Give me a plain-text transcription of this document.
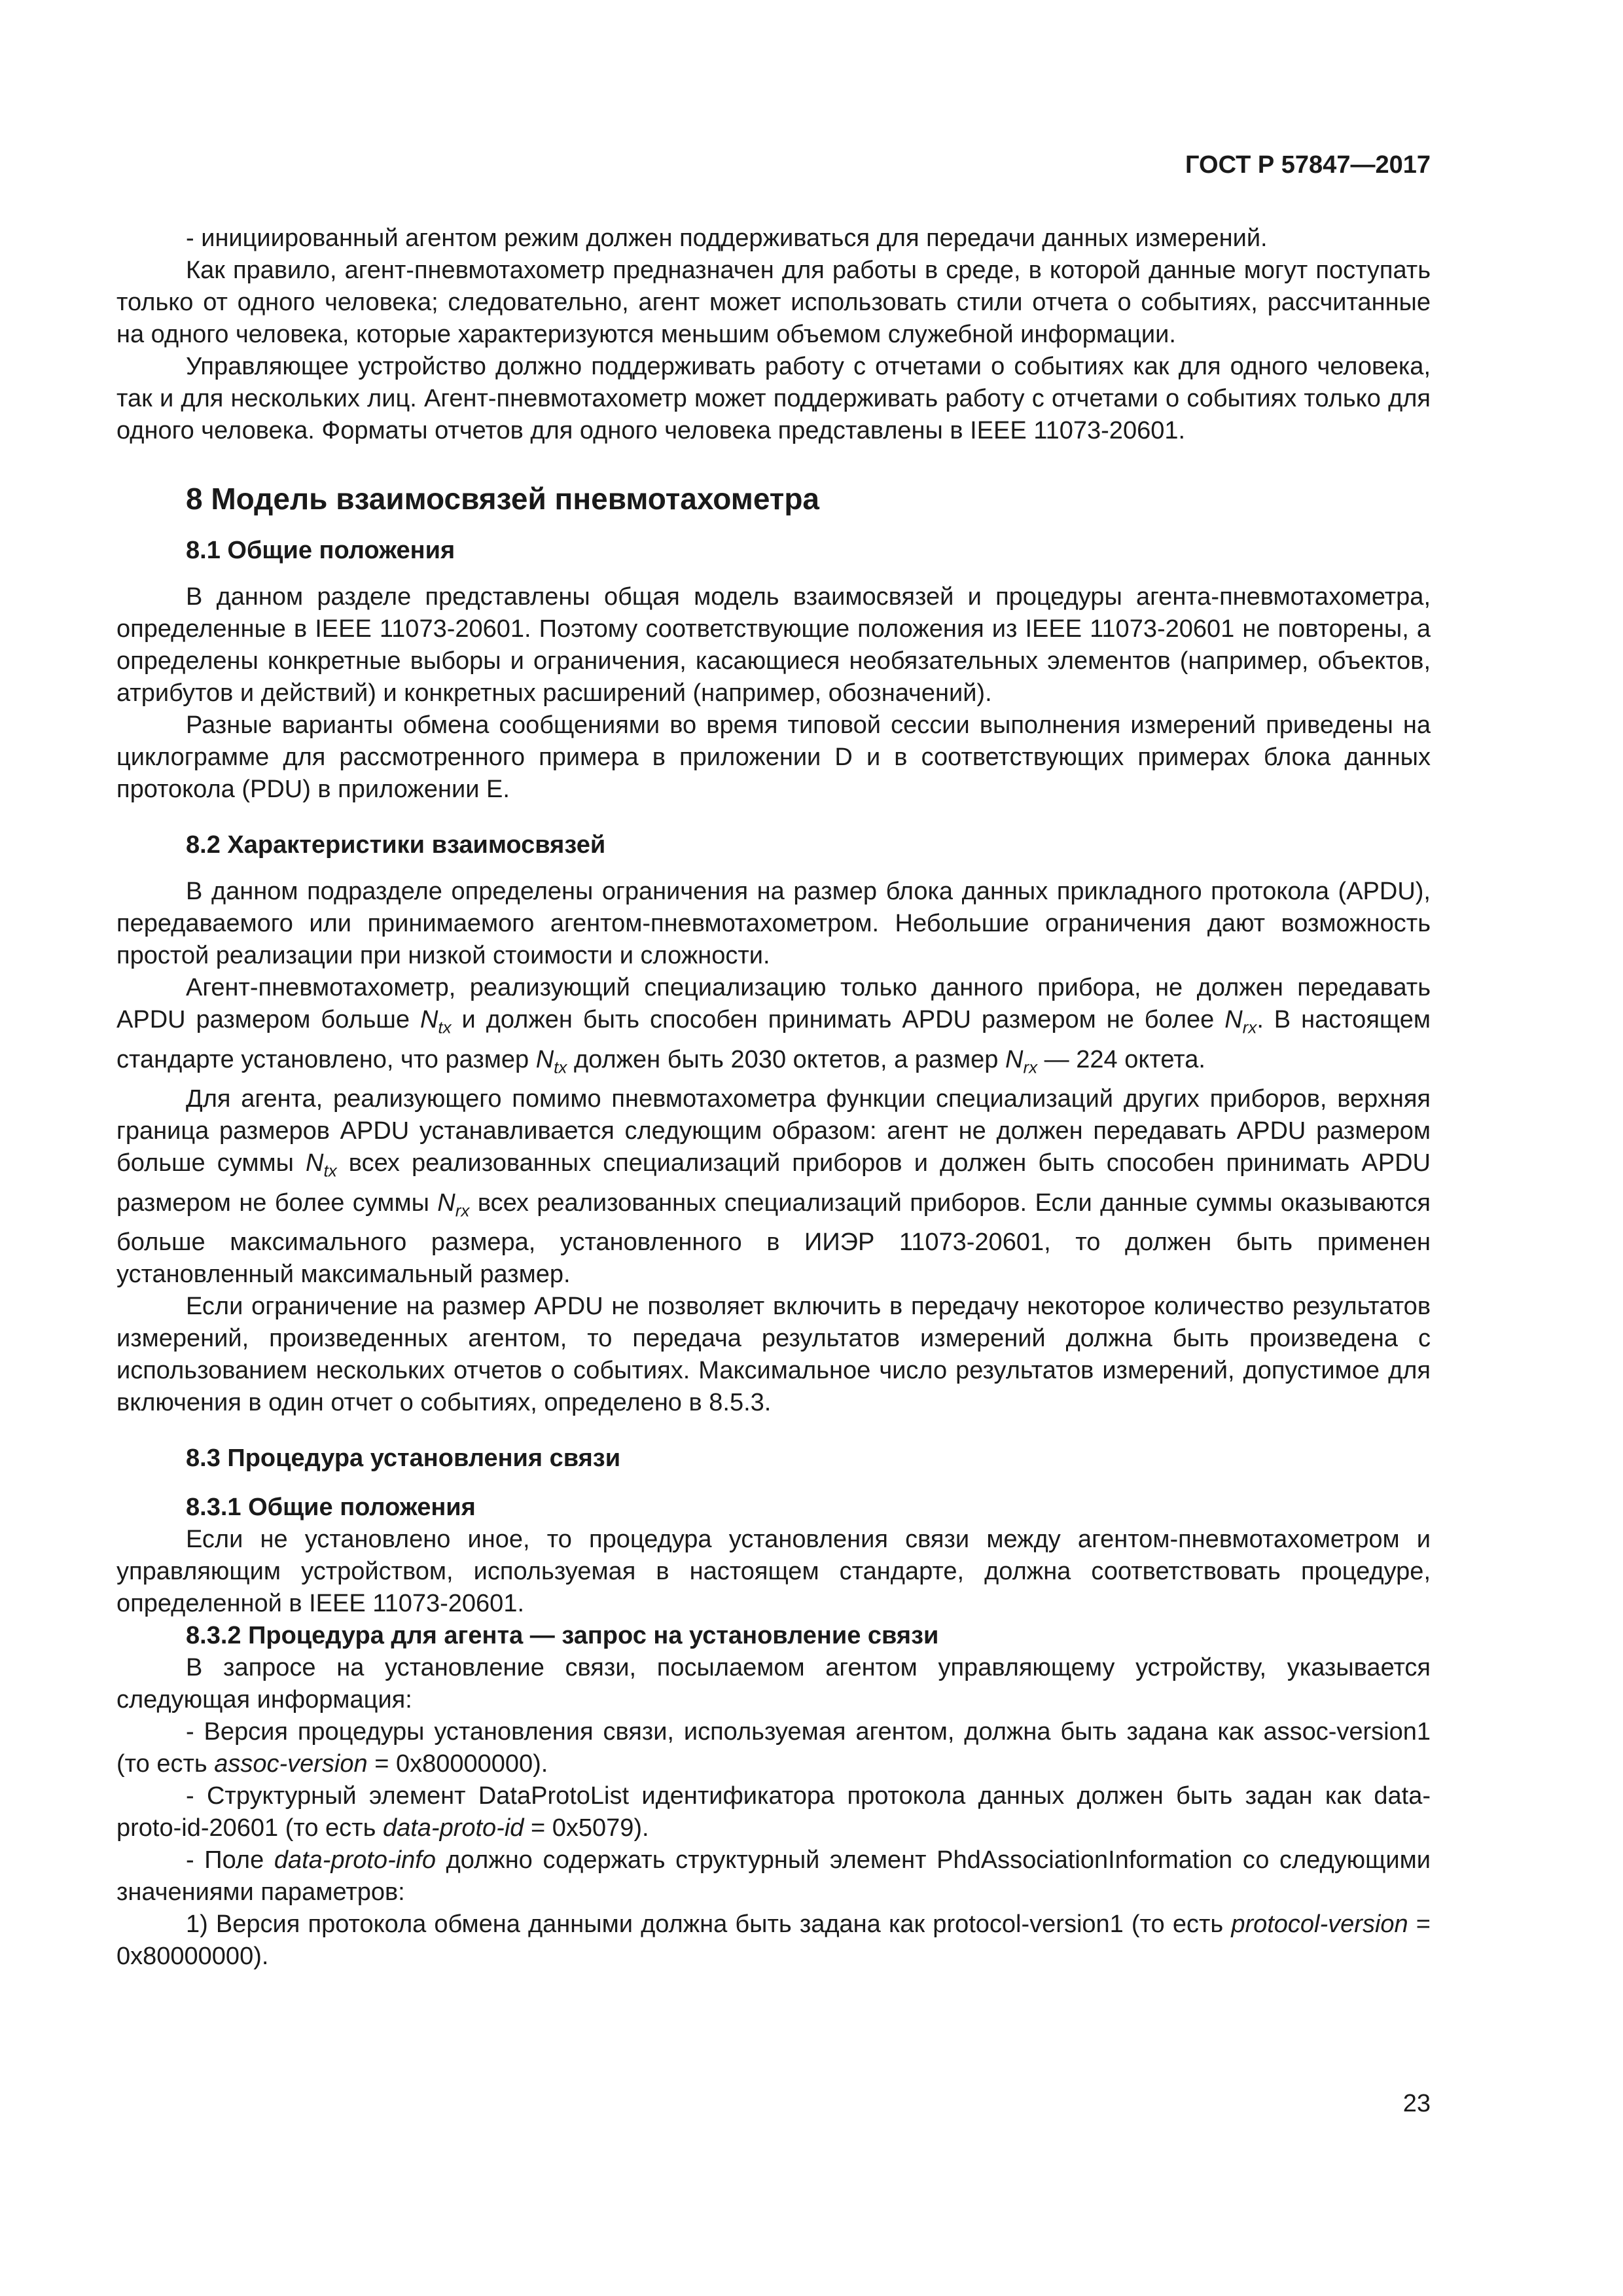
ГОСТ Р 57847—2017

- инициированный агентом режим должен поддерживаться для передачи данных измерений.

Как правило, агент-пневмотахометр предназначен для работы в среде, в которой данные могут поступать только от одного человека; следовательно, агент может использовать стили отчета о событиях, рассчитанные на одного человека, которые характеризуются меньшим объемом служебной информации.

Управляющее устройство должно поддерживать работу с отчетами о событиях как для одного человека, так и для нескольких лиц. Агент-пневмотахометр может поддерживать работу с отчетами о событиях только для одного человека. Форматы отчетов для одного человека представлены в IEEE 11073-20601.

8 Модель взаимосвязей пневмотахометра
8.1 Общие положения

В данном разделе представлены общая модель взаимосвязей и процедуры агента-пневмотахометра, определенные в IEEE 11073-20601. Поэтому соответствующие положения из IEEE 11073-20601 не повторены, а определены конкретные выборы и ограничения, касающиеся необязательных элементов (например, объектов, атрибутов и действий) и конкретных расширений (например, обозначений).

Разные варианты обмена сообщениями во время типовой сессии выполнения измерений приведены на циклограмме для рассмотренного примера в приложении D и в соответствующих примерах блока данных протокола (PDU) в приложении E.

8.2 Характеристики взаимосвязей

В данном подразделе определены ограничения на размер блока данных прикладного протокола (APDU), передаваемого или принимаемого агентом-пневмотахометром. Небольшие ограничения дают возможность простой реализации при низкой стоимости и сложности.

Агент-пневмотахометр, реализующий специализацию только данного прибора, не должен передавать APDU размером больше $N_{tx}$ и должен быть способен принимать APDU размером не более $N_{rx}$. В настоящем стандарте установлено, что размер $N_{tx}$ должен быть 2030 октетов, а размер $N_{rx}$ — 224 октета.

Для агента, реализующего помимо пневмотахометра функции специализаций других приборов, верхняя граница размеров APDU устанавливается следующим образом: агент не должен передавать APDU размером больше суммы $N_{tx}$ всех реализованных специализаций приборов и должен быть способен принимать APDU размером не более суммы $N_{rx}$ всех реализованных специализаций приборов. Если данные суммы оказываются больше максимального размера, установленного в ИИЭР 11073-20601, то должен быть применен установленный максимальный размер.

Если ограничение на размер APDU не позволяет включить в передачу некоторое количество результатов измерений, произведенных агентом, то передача результатов измерений должна быть произведена с использованием нескольких отчетов о событиях. Максимальное число результатов измерений, допустимое для включения в один отчет о событиях, определено в 8.5.3.

8.3 Процедура установления связи
8.3.1 Общие положения

Если не установлено иное, то процедура установления связи между агентом-пневмотахометром и управляющим устройством, используемая в настоящем стандарте, должна соответствовать процедуре, определенной в IEEE 11073-20601.

8.3.2 Процедура для агента — запрос на установление связи

В запросе на установление связи, посылаемом агентом управляющему устройству, указывается следующая информация:

- Версия процедуры установления связи, используемая агентом, должна быть задана как assoc-version1 (то есть assoc-version = 0x80000000).

- Структурный элемент DataProtoList идентификатора протокола данных должен быть задан как data-proto-id-20601 (то есть data-proto-id = 0x5079).

- Поле data-proto-info должно содержать структурный элемент PhdAssociationInformation со следующими значениями параметров:

1) Версия протокола обмена данными должна быть задана как protocol-version1 (то есть protocol-version = 0x80000000).

23
